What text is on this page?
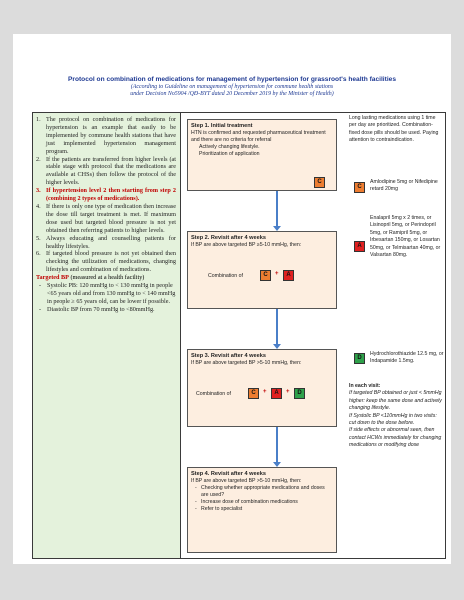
Protocol on combination of medications for management of hypertension for grassroot's health facilities
(According to Guideline on management of hypertension for commune health stations
under Decision No5904 /QĐ-BYT dated 20 December 2019 by the Minister of Health)
1. The protocol on combination of medications for hypertension is an example that easily to be implemented by commune health stations that have just implemented hypertension management program.
2. If the patients are transferred from higher levels (at stable stage with protocol that the medications are available at CHSs) then follow the protocol of the higher levels.
3. If hypertension level 2 then starting from step 2 (combining 2 types of medications).
4. If there is only one type of medication then increase the dose till target treatment is met. If maximum dose used but targeted blood pressure is not yet obtained then referring patients to higher levels.
5. Always educating and counselling patients for healthy lifestyles.
6. If targeted blood pressure is not yet obtained then checking the utilization of medications, changing lifestyles and combination of medications.
Targeted BP (measured at a health facility)
- Systolic PB: 120 mmHg to < 130 mmHg in people <65 years old and from 130 mmHg to < 140 mmHg in people ≥ 65 years old, can be lower if possible.
- Diastolic BP from 70 mmHg to <80mmHg.
Step 1. Initial treatment
HTN is confirmed and requested pharmaceutical treatment and there are no criteria for referral
Actively changing lifestyle.
Prioritization of application
C
Step 2. Revisit after 4 weeks
If BP are above targeted BP ≥5-10 mmHg, then:
Combination of	C	+	A
Step 3. Revisit after 4 weeks
If BP are above targeted BP >5-10 mmHg, then:
Combination of	C	+	A	+	D
Step 4. Revisit after 4 weeks
If BP are above targeted BP >5-10 mmHg, then:
- Checking whether appropriate medications and doses are used?
- Increase dose of combination medications
- Refer to specialist
Long lasting medications using 1 time per day are prioritized. Combination-fixed dose pills should be used. Paying attention to contraindication.
C
Amlodipine 5mg or Nifedipine retard 20mg
A
Enalapril 5mg x 2 times, or Lisinopril 5mg, or Perindopril 5mg, or Ramipril 5mg, or Irbesartan 150mg, or Losartan 50mg, or Telmisartan 40mg, or Valsartan 80mg.
D
Hydrochlorothiazide 12.5 mg, or Indapamide 1.5mg.
In each visit:
If targeted BP obtained or just < 5mmHg higher: keep the same dose and actively changing lifestyle.
If Systolic BP <110mmHg in two visits: cut down to the dose before.
If side effects or abnormal seen, then contact HCWs immediately for changing medications or modifying dose
